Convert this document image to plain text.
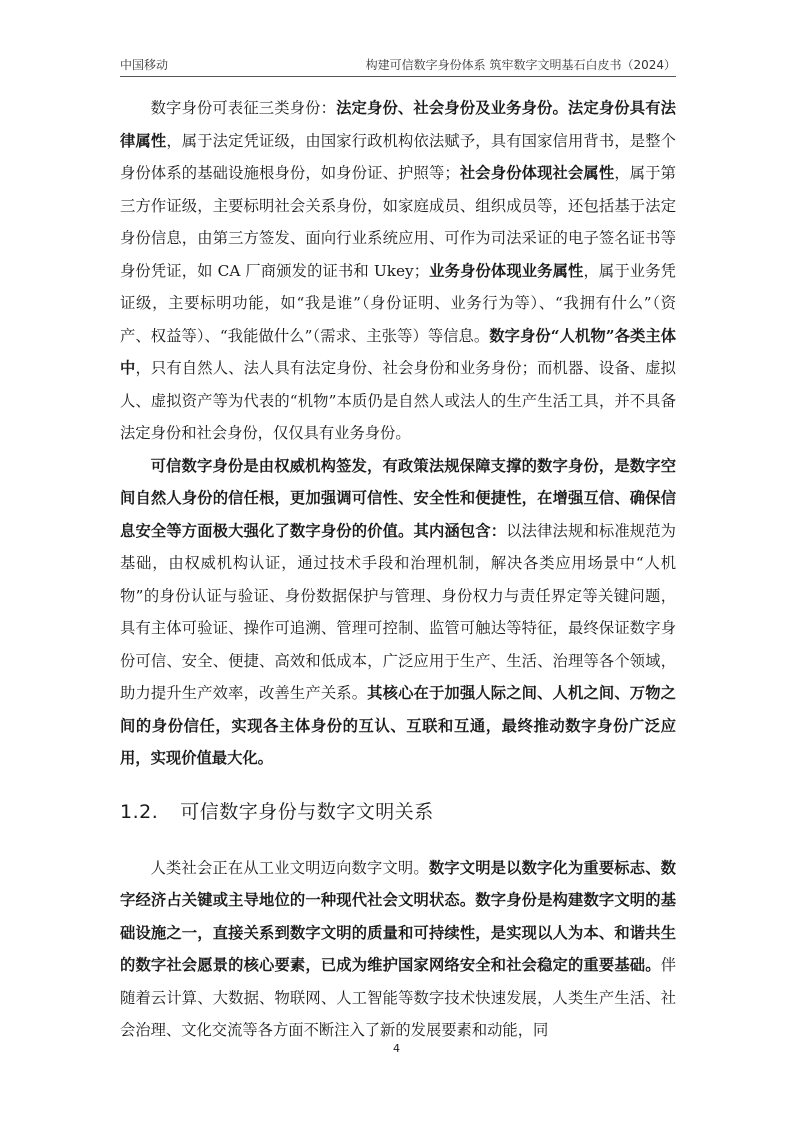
中国移动	构建可信数字身份体系 筑牢数字文明基石白皮书（2024）

数字身份可表征三类身份：法定身份、社会身份及业务身份。法定身份具有法律属性，属于法定凭证级，由国家行政机构依法赋予，具有国家信用背书，是整个身份体系的基础设施根身份，如身份证、护照等；社会身份体现社会属性，属于第三方作证级，主要标明社会关系身份，如家庭成员、组织成员等，还包括基于法定身份信息，由第三方签发、面向行业系统应用、可作为司法采证的电子签名证书等身份凭证，如 CA 厂商颁发的证书和 Ukey；业务身份体现业务属性，属于业务凭证级，主要标明功能，如“我是谁”（身份证明、业务行为等）、“我拥有什么”（资产、权益等）、“我能做什么”（需求、主张等）等信息。数字身份“人机物”各类主体中，只有自然人、法人具有法定身份、社会身份和业务身份；而机器、设备、虚拟人、虚拟资产等为代表的“机物”本质仍是自然人或法人的生产生活工具，并不具备法定身份和社会身份，仅仅具有业务身份。

可信数字身份是由权威机构签发，有政策法规保障支撑的数字身份，是数字空间自然人身份的信任根，更加强调可信性、安全性和便捷性，在增强互信、确保信息安全等方面极大强化了数字身份的价值。其内涵包含：以法律法规和标准规范为基础，由权威机构认证，通过技术手段和治理机制，解决各类应用场景中“人机物”的身份认证与验证、身份数据保护与管理、身份权力与责任界定等关键问题，具有主体可验证、操作可追溯、管理可控制、监管可触达等特征，最终保证数字身份可信、安全、便捷、高效和低成本，广泛应用于生产、生活、治理等各个领域，助力提升生产效率，改善生产关系。其核心在于加强人际之间、人机之间、万物之间的身份信任，实现各主体身份的互认、互联和互通，最终推动数字身份广泛应用，实现价值最大化。

1.2. 可信数字身份与数字文明关系

人类社会正在从工业文明迈向数字文明。数字文明是以数字化为重要标志、数字经济占关键或主导地位的一种现代社会文明状态。数字身份是构建数字文明的基础设施之一，直接关系到数字文明的质量和可持续性，是实现以人为本、和谐共生的数字社会愿景的核心要素，已成为维护国家网络安全和社会稳定的重要基础。伴随着云计算、大数据、物联网、人工智能等数字技术快速发展，人类生产生活、社会治理、文化交流等各方面不断注入了新的发展要素和动能，同

4
